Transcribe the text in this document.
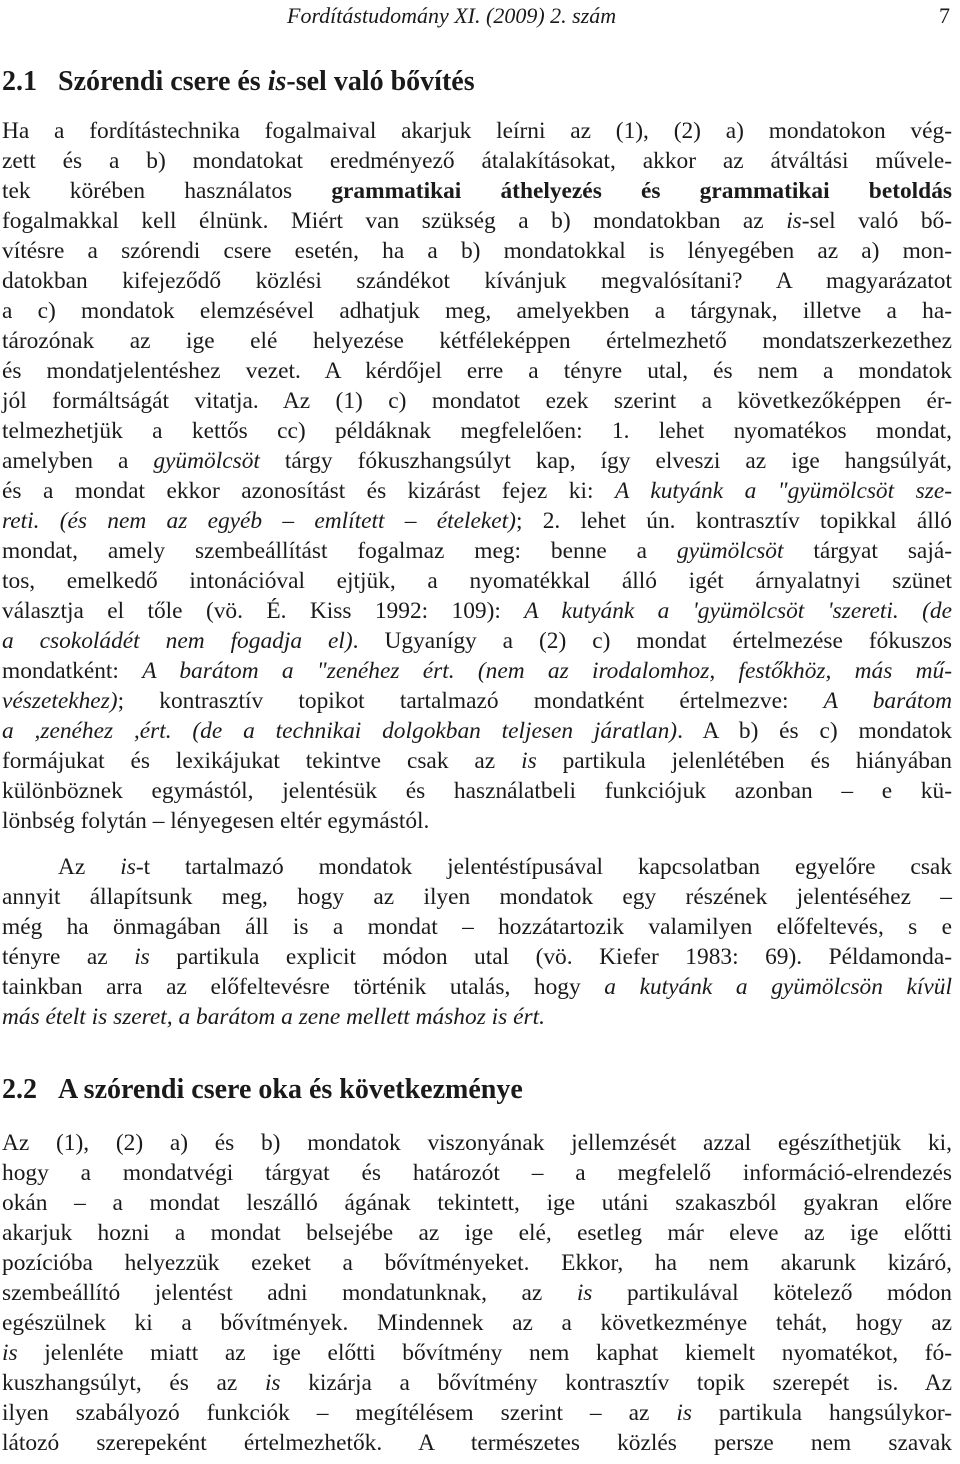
Fordítástudomány XI. (2009) 2. szám	7
2.1 Szórendi csere és is-sel való bővítés
Ha a fordítástechnika fogalmaival akarjuk leírni az (1), (2) a) mondatokon vég-
zett és a b) mondatokat eredményező átalakításokat, akkor az átváltási művele-
tek körében használatos grammatikai áthelyezés és grammatikai betoldás
fogalmakkal kell élnünk. Miért van szükség a b) mondatokban az is-sel való bő-
vítésre a szórendi csere esetén, ha a b) mondatokkal is lényegében az a) mon-
datokban kifejeződő közlési szándékot kívánjuk megvalósítani? A magyarázatot
a c) mondatok elemzésével adhatjuk meg, amelyekben a tárgynak, illetve a ha-
tározónak az ige elé helyezése kétféleképpen értelmezhető mondatszerkezethez
és mondatjelentéshez vezet. A kérdőjel erre a tényre utal, és nem a mondatok
jól formáltságát vitatja. Az (1) c) mondatot ezek szerint a következőképpen ér-
telmezhetjük a kettős cc) példáknak megfelelően: 1. lehet nyomatékos mondat,
amelyben a gyümölcsöt tárgy fókuszhangsúlyt kap, így elveszi az ige hangsúlyát,
és a mondat ekkor azonosítást és kizárást fejez ki: A kutyánk a "gyümölcsöt sze-
reti. (és nem az egyéb – említett – ételeket); 2. lehet ún. kontrasztív topikkal álló
mondat, amely szembeállítást fogalmaz meg: benne a gyümölcsöt tárgyat sajá-
tos, emelkedő intonációval ejtjük, a nyomatékkal álló igét árnyalatnyi szünet
választja el tőle (vö. É. Kiss 1992: 109): A kutyánk a 'gyümölcsöt 'szereti. (de
a csokoládét nem fogadja el). Ugyanígy a (2) c) mondat értelmezése fókuszos
mondatként: A barátom a "zenéhez ért. (nem az irodalomhoz, festőkhöz, más mű-
vészetekhez); kontrasztív topikot tartalmazó mondatként értelmezve: A barátom
a ,zenéhez ,ért. (de a technikai dolgokban teljesen járatlan). A b) és c) mondatok
formájukat és lexikájukat tekintve csak az is partikula jelenlétében és hiányában
különböznek egymástól, jelentésük és használatbeli funkciójuk azonban – e kü-
lönbség folytán – lényegesen eltér egymástól.
Az is-t tartalmazó mondatok jelentéstípusával kapcsolatban egyelőre csak
annyit állapítsunk meg, hogy az ilyen mondatok egy részének jelentéséhez –
még ha önmagában áll is a mondat – hozzátartozik valamilyen előfeltevés, s e
tényre az is partikula explicit módon utal (vö. Kiefer 1983: 69). Példamonda-
tainkban arra az előfeltevésre történik utalás, hogy a kutyánk a gyümölcsön kívül
más ételt is szeret, a barátom a zene mellett máshoz is ért.
2.2 A szórendi csere oka és következménye
Az (1), (2) a) és b) mondatok viszonyának jellemzését azzal egészíthetjük ki,
hogy a mondatvégi tárgyat és határozót – a megfelelő információ-elrendezés
okán – a mondat leszálló ágának tekintett, ige utáni szakaszból gyakran előre
akarjuk hozni a mondat belsejébe az ige elé, esetleg már eleve az ige előtti
pozícióba helyezzük ezeket a bővítményeket. Ekkor, ha nem akarunk kizáró,
szembeállító jelentést adni mondatunknak, az is partikulával kötelező módon
egészülnek ki a bővítmények. Mindennek az a következménye tehát, hogy az
is jelenléte miatt az ige előtti bővítmény nem kaphat kiemelt nyomatékot, fó-
kuszhangsúlyt, és az is kizárja a bővítmény kontrasztív topik szerepét is. Az
ilyen szabályozó funkciók – megítélésem szerint – az is partikula hangsúlykor-
látozó szerepeként értelmezhetők. A természetes közlés persze nem szavak
